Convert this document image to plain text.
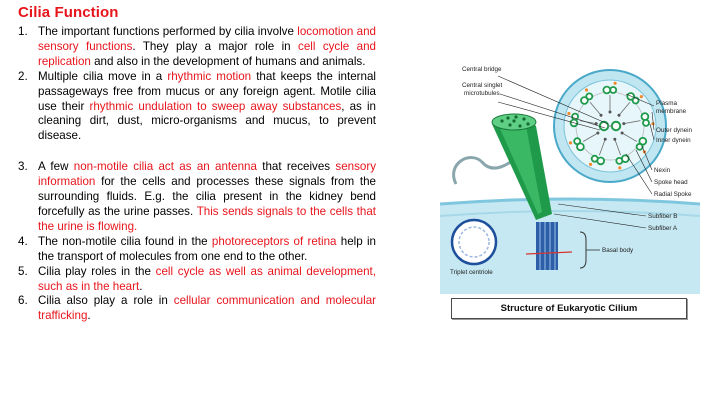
Cilia Function
1. The important functions performed by cilia involve locomotion and sensory functions. They play a major role in cell cycle and replication and also in the development of humans and animals.
2. Multiple cilia move in a rhythmic motion that keeps the internal passageways free from mucus or any foreign agent. Motile cilia use their rhythmic undulation to sweep away substances, as in cleaning dirt, dust, micro-organisms and mucus, to prevent disease.
3. A few non-motile cilia act as an antenna that receives sensory information for the cells and processes these signals from the surrounding fluids. E.g. the cilia present in the kidney bend forcefully as the urine passes. This sends signals to the cells that the urine is flowing.
4. The non-motile cilia found in the photoreceptors of retina help in the transport of molecules from one end to the other.
5. Cilia play roles in the cell cycle as well as animal development, such as in the heart.
6. Cilia also play a role in cellular communication and molecular trafficking.
Central bridge
Central singlet
microtubules
Plasma
membrane
Outer dynein
Inner dynein
Nexin
Spoke head
Radial Spoke
Subfiber B
Subfiber A
Basal body
Triplet centriole
Structure of Eukaryotic Cilium
